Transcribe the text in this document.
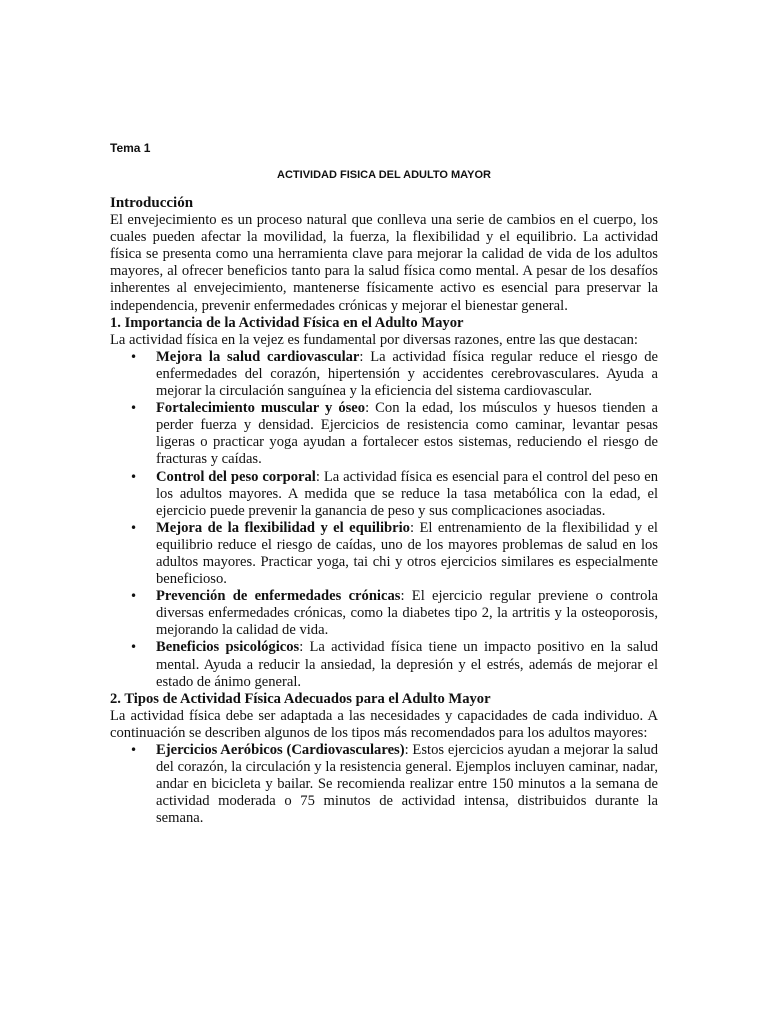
Tema 1
ACTIVIDAD FISICA DEL ADULTO MAYOR

Introducción

El envejecimiento es un proceso natural que conlleva una serie de cambios en el cuerpo, los cuales pueden afectar la movilidad, la fuerza, la flexibilidad y el equilibrio. La actividad física se presenta como una herramienta clave para mejorar la calidad de vida de los adultos mayores, al ofrecer beneficios tanto para la salud física como mental. A pesar de los desafíos inherentes al envejecimiento, mantenerse físicamente activo es esencial para preservar la independencia, prevenir enfermedades crónicas y mejorar el bienestar general.

1. Importancia de la Actividad Física en el Adulto Mayor

La actividad física en la vejez es fundamental por diversas razones, entre las que destacan:

• Mejora la salud cardiovascular: La actividad física regular reduce el riesgo de enfermedades del corazón, hipertensión y accidentes cerebrovasculares. Ayuda a mejorar la circulación sanguínea y la eficiencia del sistema cardiovascular.
• Fortalecimiento muscular y óseo: Con la edad, los músculos y huesos tienden a perder fuerza y densidad. Ejercicios de resistencia como caminar, levantar pesas ligeras o practicar yoga ayudan a fortalecer estos sistemas, reduciendo el riesgo de fracturas y caídas.
• Control del peso corporal: La actividad física es esencial para el control del peso en los adultos mayores. A medida que se reduce la tasa metabólica con la edad, el ejercicio puede prevenir la ganancia de peso y sus complicaciones asociadas.
• Mejora de la flexibilidad y el equilibrio: El entrenamiento de la flexibilidad y el equilibrio reduce el riesgo de caídas, uno de los mayores problemas de salud en los adultos mayores. Practicar yoga, tai chi y otros ejercicios similares es especialmente beneficioso.
• Prevención de enfermedades crónicas: El ejercicio regular previene o controla diversas enfermedades crónicas, como la diabetes tipo 2, la artritis y la osteoporosis, mejorando la calidad de vida.
• Beneficios psicológicos: La actividad física tiene un impacto positivo en la salud mental. Ayuda a reducir la ansiedad, la depresión y el estrés, además de mejorar el estado de ánimo general.

2. Tipos de Actividad Física Adecuados para el Adulto Mayor

La actividad física debe ser adaptada a las necesidades y capacidades de cada individuo. A continuación se describen algunos de los tipos más recomendados para los adultos mayores:

• Ejercicios Aeróbicos (Cardiovasculares): Estos ejercicios ayudan a mejorar la salud del corazón, la circulación y la resistencia general. Ejemplos incluyen caminar, nadar, andar en bicicleta y bailar. Se recomienda realizar entre 150 minutos a la semana de actividad moderada o 75 minutos de actividad intensa, distribuidos durante la semana.
